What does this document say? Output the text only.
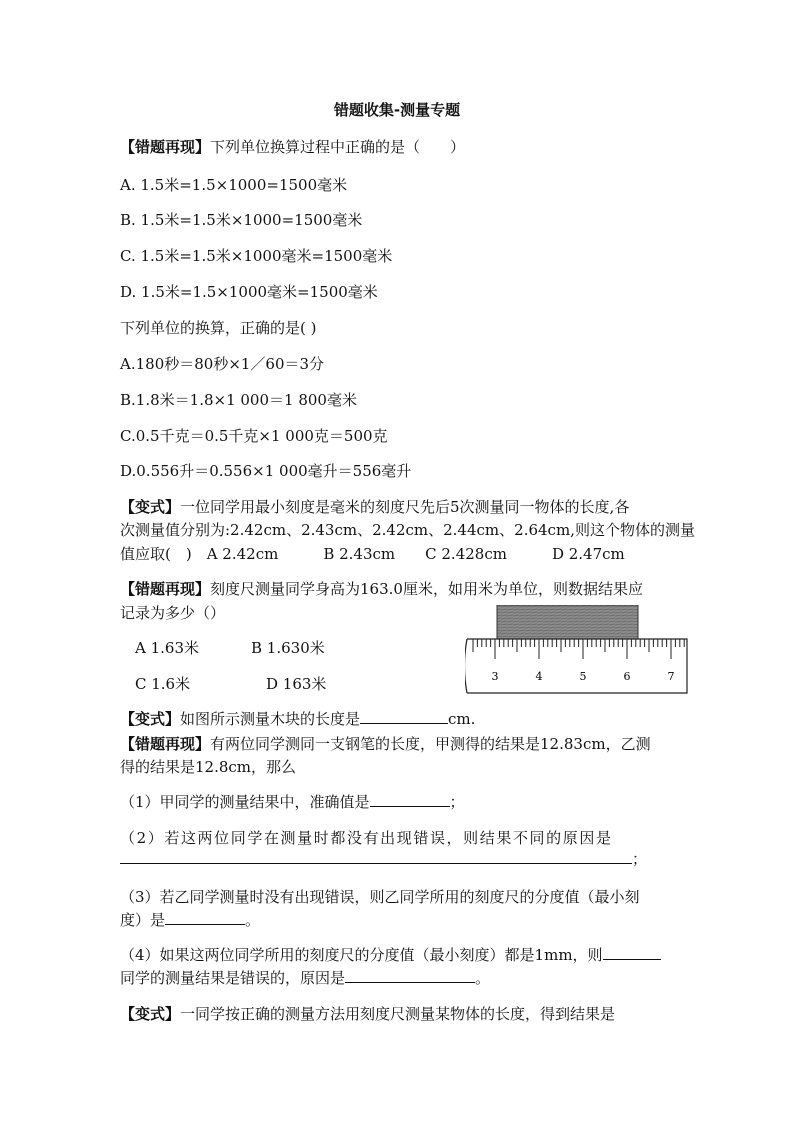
错题收集-测量专题
【错题再现】下列单位换算过程中正确的是（　　）
A. 1.5米=1.5×1000=1500毫米
B. 1.5米=1.5米×1000=1500毫米
C. 1.5米=1.5米×1000毫米=1500毫米
D. 1.5米=1.5×1000毫米=1500毫米
下列单位的换算，正确的是( )
A.180秒＝80秒×1／60＝3分
B.1.8米＝1.8×1 000＝1 800毫米
C.0.5千克＝0.5千克×1 000克＝500克
D.0.556升＝0.556×1 000毫升＝556毫升
【变式】一位同学用最小刻度是毫米的刻度尺先后5次测量同一物体的长度,各
次测量值分别为:2.42cm、2.43cm、2.42cm、2.44cm、2.64cm,则这个物体的测量
值应取(　)　A 2.42cm　　　B 2.43cm　　C 2.428cm　　　D 2.47cm
【错题再现】刻度尺测量同学身高为163.0厘米，如用米为单位，则数据结果应
记录为多少（）
A 1.63米	B 1.630米
C 1.6米	D 163米	3	4	5	6	7
【变式】如图所示测量木块的长度是	cm.
【错题再现】有两位同学测同一支钢笔的长度，甲测得的结果是12.83cm，乙测
得的结果是12.8cm，那么
（1）甲同学的测量结果中，准确值是	；
（2）若这两位同学在测量时都没有出现错误，则结果不同的原因是
；
（3）若乙同学测量时没有出现错误，则乙同学所用的刻度尺的分度值（最小刻
度）是	。
（4）如果这两位同学所用的刻度尺的分度值（最小刻度）都是1mm，则
同学的测量结果是错误的，原因是	。
【变式】一同学按正确的测量方法用刻度尺测量某物体的长度，得到结果是
